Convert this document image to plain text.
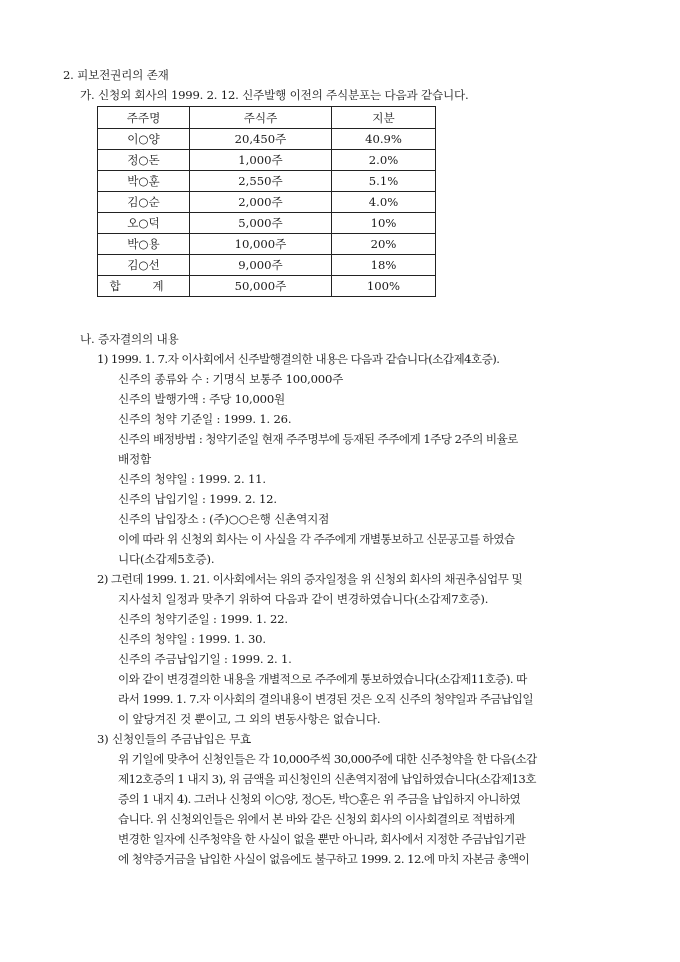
2. 피보전권리의 존재
가. 신청외 회사의 1999. 2. 12. 신주발행 이전의 주식분포는 다음과 같습니다.
주주명	주식주	지분
이○양	20,450주	40.9%
정○돈	1,000주	2.0%
박○훈	2,550주	5.1%
김○순	2,000주	4.0%
오○덕	5,000주	10%
박○용	10,000주	20%
김○선	9,000주	18%
합 계	50,000주	100%
나. 증자결의의 내용
1) 1999. 1. 7.자 이사회에서 신주발행결의한 내용은 다음과 같습니다(소갑제4호증).
신주의 종류와 수 : 기명식 보통주 100,000주
신주의 발행가액 : 주당 10,000원
신주의 청약 기준일 : 1999. 1. 26.
신주의 배정방법 : 청약기준일 현재 주주명부에 등재된 주주에게 1주당 2주의 비율로
배정함
신주의 청약일 : 1999. 2. 11.
신주의 납입기일 : 1999. 2. 12.
신주의 납입장소 : (주)○○은행 신촌역지점
이에 따라 위 신청외 회사는 이 사실을 각 주주에게 개별통보하고 신문공고를 하였습
니다(소갑제5호증).
2) 그런데 1999. 1. 21. 이사회에서는 위의 증자일정을 위 신청외 회사의 채권추심업무 및
지사설치 일정과 맞추기 위하여 다음과 같이 변경하였습니다(소갑제7호증).
신주의 청약기준일 : 1999. 1. 22.
신주의 청약일 : 1999. 1. 30.
신주의 주금납입기일 : 1999. 2. 1.
이와 같이 변경결의한 내용을 개별적으로 주주에게 통보하였습니다(소갑제11호증). 따
라서 1999. 1. 7.자 이사회의 결의내용이 변경된 것은 오직 신주의 청약일과 주금납입일
이 앞당겨진 것 뿐이고, 그 외의 변동사항은 없습니다.
3) 신청인들의 주금납입은 무효
위 기일에 맞추어 신청인들은 각 10,000주씩 30,000주에 대한 신주청약을 한 다음(소갑
제12호증의 1 내지 3), 위 금액을 피신청인의 신촌역지점에 납입하였습니다(소갑제13호
증의 1 내지 4). 그러나 신청외 이○양, 정○돈, 박○훈은 위 주금을 납입하지 아니하였
습니다. 위 신청외인들은 위에서 본 바와 같은 신청외 회사의 이사회결의로 적법하게
변경한 일자에 신주청약을 한 사실이 없을 뿐만 아니라, 회사에서 지정한 주금납입기관
에 청약증거금을 납입한 사실이 없음에도 불구하고 1999. 2. 12.에 마치 자본금 총액이
